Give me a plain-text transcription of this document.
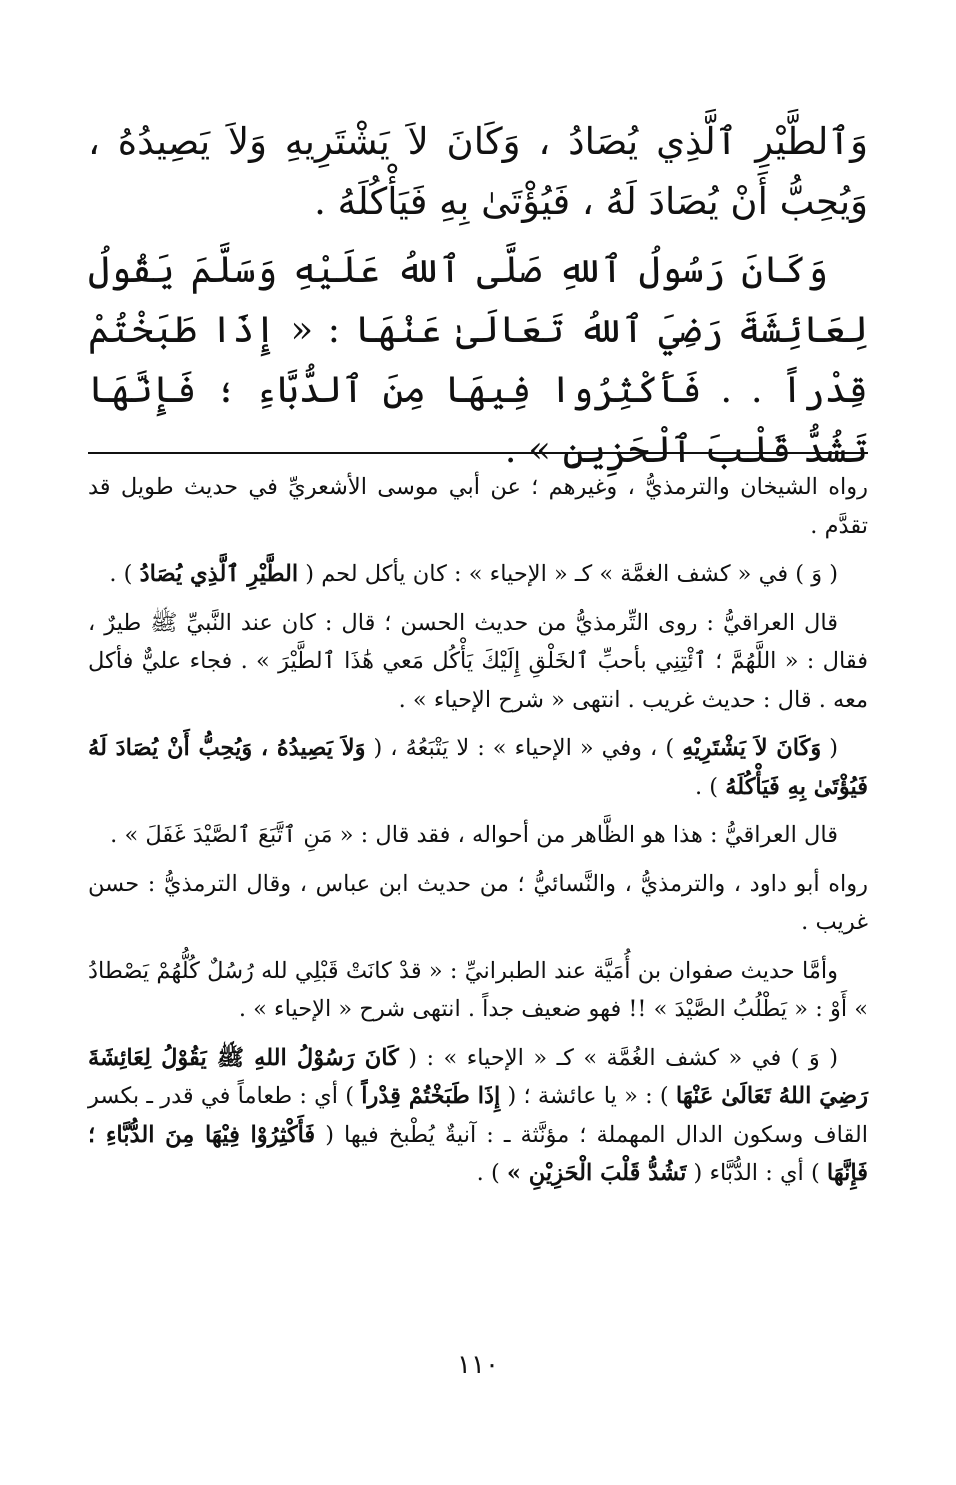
وَٱلطَّيْرِ ٱلَّذِي يُصَادُ ، وَكَانَ لاَ يَشْتَرِيهِ وَلاَ يَصِيدُهُ ، وَيُحِبُّ أَنْ يُصَادَ لَهُ ، فَيُؤْتَىٰ بِهِ فَيَأْكُلَهُ .

وَكَانَ رَسُولُ ٱللهِ صَلَّى ٱللهُ عَلَيْهِ وَسَلَّمَ يَقُولُ لِعَائِشَةَ رَضِيَ ٱللهُ تَعَالَىٰ عَنْهَا : « إِذَا طَبَخْتُمْ قِدْراً . . فَأَكْثِرُوا فِيهَا مِنَ ٱلدُّبَّاءِ ؛ فَإِنَّهَا تَشُدُّ قَلْبَ ٱلْحَزِينِ » .

رواه الشيخان والترمذيُّ ، وغيرهم ؛ عن أبي موسى الأشعريِّ في حديث طويل قد تقدَّم .

( وَ ) في « كشف الغمَّة » كـ « الإحياء » : كان يأكل لحم ( الطَّيْرِ ٱلَّذِي يُصَادُ ) .

قال العراقيُّ : روى التِّرمذيُّ من حديث الحسن ؛ قال : كان عند النَّبيِّ ﷺ طيرٌ ، فقال : « اللَّهُمَّ ؛ ٱئْتِنِي بأحبِّ ٱلخَلْقِ إِلَيْكَ يَأْكُل مَعي هَٰذَا ٱلطَّيْرَ » . فجاء عليٌّ فأكل معه . قال : حديث غريب . انتهى « شرح الإحياء » .

( وَكَانَ لاَ يَشْتَرِيْهِ ) ، وفي « الإحياء » : لا يَتْبَعُهُ ، ( وَلاَ يَصِيدُهُ ، وَيُحِبُّ أَنْ يُصَادَ لَهُ فَيُؤْتَىٰ بِهِ فَيَأْكُلَهُ ) .

قال العراقيُّ : هذا هو الظَّاهر من أحواله ، فقد قال : « مَنِ ٱتَّبَعَ ٱلصَّيْدَ غَفَلَ » .

رواه أبو داود ، والترمذيُّ ، والنَّسائيُّ ؛ من حديث ابن عباس ، وقال الترمذيُّ : حسن غريب .

وأمَّا حديث صفوان بن أُمَيَّة عند الطبرانيِّ : « قدْ كانَتْ قَبْلِي لله رُسُلٌ كُلُّهُمْ يَصْطادُ » أَوْ : « يَطْلُبُ الصَّيْدَ » !! فهو ضعيف جداً . انتهى شرح « الإحياء » .

( وَ ) في « كشف الغُمَّة » كـ « الإحياء » : ( كَانَ رَسُوْلُ اللهِ ﷺ يَقُوْلُ لِعَائِشَةَ رَضِيَ اللهُ تَعَالَىٰ عَنْهَا ) : « يا عائشة ؛ ( إِذَا طَبَخْتُمْ قِدْراً ) أي : طعاماً في قدر ـ بكسر القاف وسكون الدال المهملة ؛ مؤنَّثة ـ : آنيةٌ يُطْبخ فيها ( فَأَكْثِرُوْا فِيْهَا مِنَ الدُّبَّاءِ ؛ فَإِنَّهَا ) أي : الدُّبَّاء ( تَشُدُّ قَلْبَ الْحَزِيْنِ » ) .

١١٠
